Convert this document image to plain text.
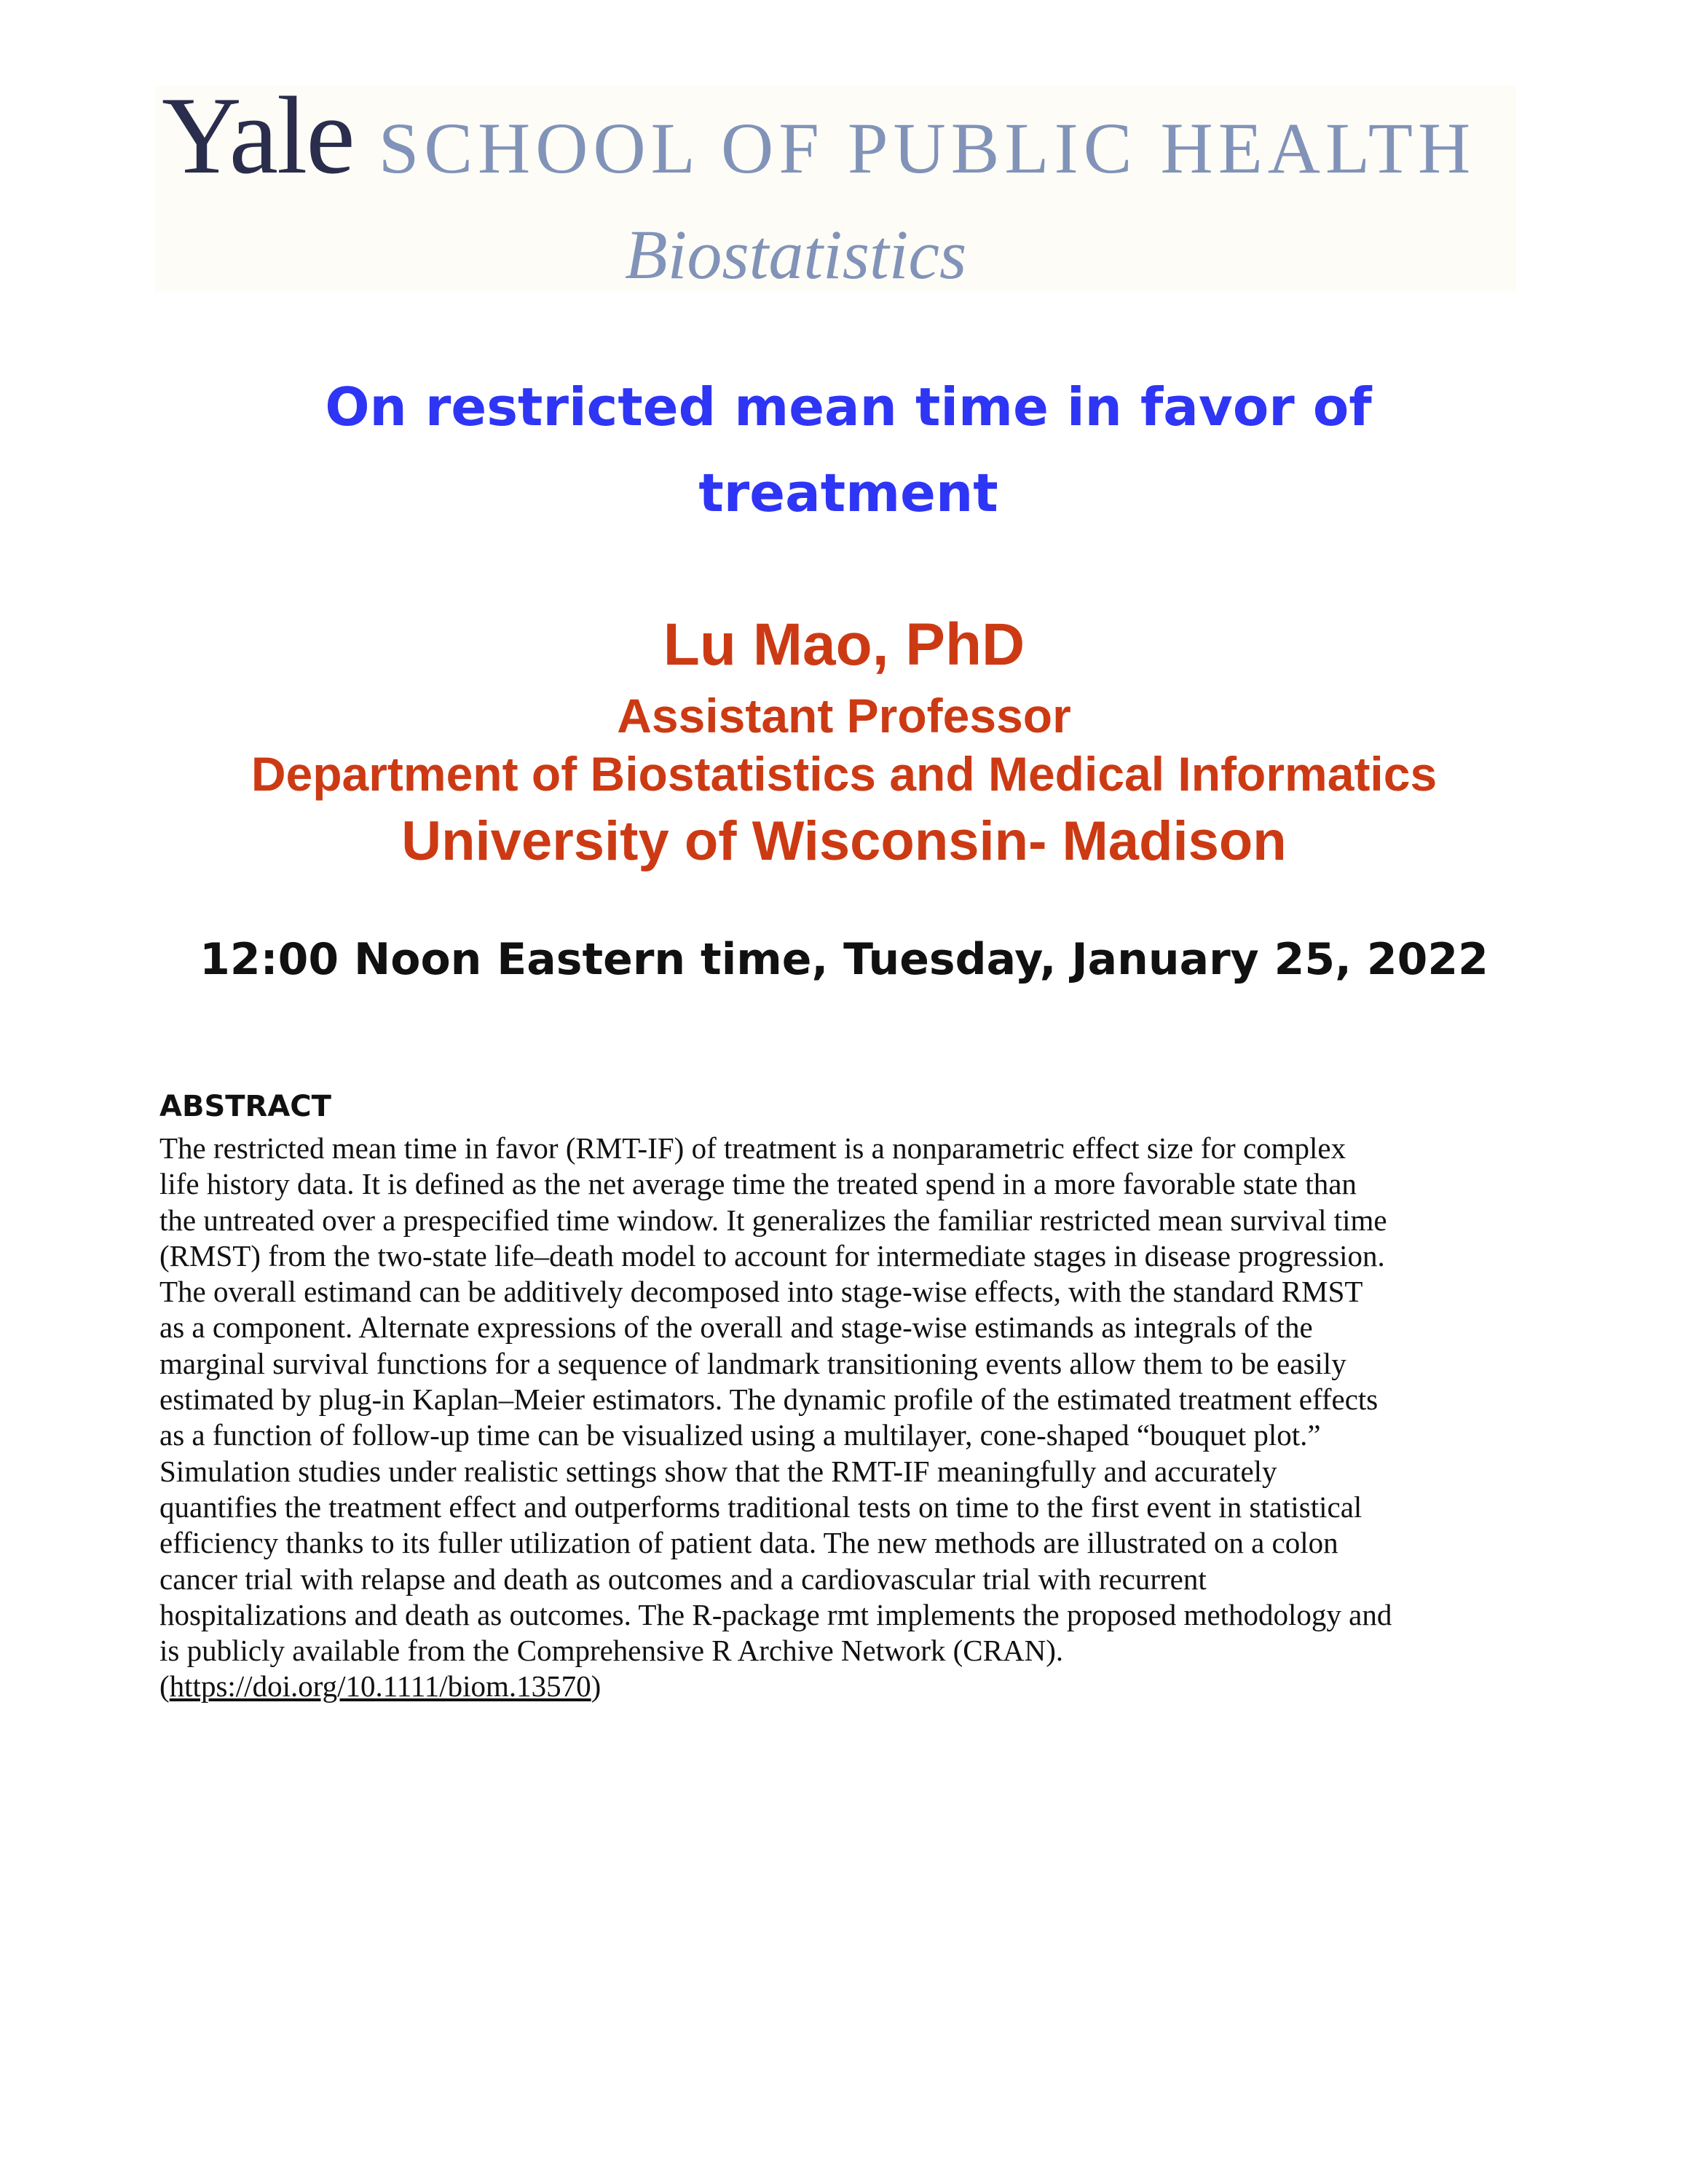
Yale SCHOOL OF PUBLIC HEALTH
Biostatistics
On restricted mean time in favor of
treatment
Lu Mao, PhD
Assistant Professor
Department of Biostatistics and Medical Informatics
University of Wisconsin- Madison
12:00 Noon Eastern time, Tuesday, January 25, 2022
ABSTRACT
The restricted mean time in favor (RMT-IF) of treatment is a nonparametric effect size for complex
life history data. It is defined as the net average time the treated spend in a more favorable state than
the untreated over a prespecified time window. It generalizes the familiar restricted mean survival time
(RMST) from the two-state life–death model to account for intermediate stages in disease progression.
The overall estimand can be additively decomposed into stage-wise effects, with the standard RMST
as a component. Alternate expressions of the overall and stage-wise estimands as integrals of the
marginal survival functions for a sequence of landmark transitioning events allow them to be easily
estimated by plug-in Kaplan–Meier estimators. The dynamic profile of the estimated treatment effects
as a function of follow-up time can be visualized using a multilayer, cone-shaped “bouquet plot.”
Simulation studies under realistic settings show that the RMT-IF meaningfully and accurately
quantifies the treatment effect and outperforms traditional tests on time to the first event in statistical
efficiency thanks to its fuller utilization of patient data. The new methods are illustrated on a colon
cancer trial with relapse and death as outcomes and a cardiovascular trial with recurrent
hospitalizations and death as outcomes. The R-package rmt implements the proposed methodology and
is publicly available from the Comprehensive R Archive Network (CRAN).
(https://doi.org/10.1111/biom.13570)
